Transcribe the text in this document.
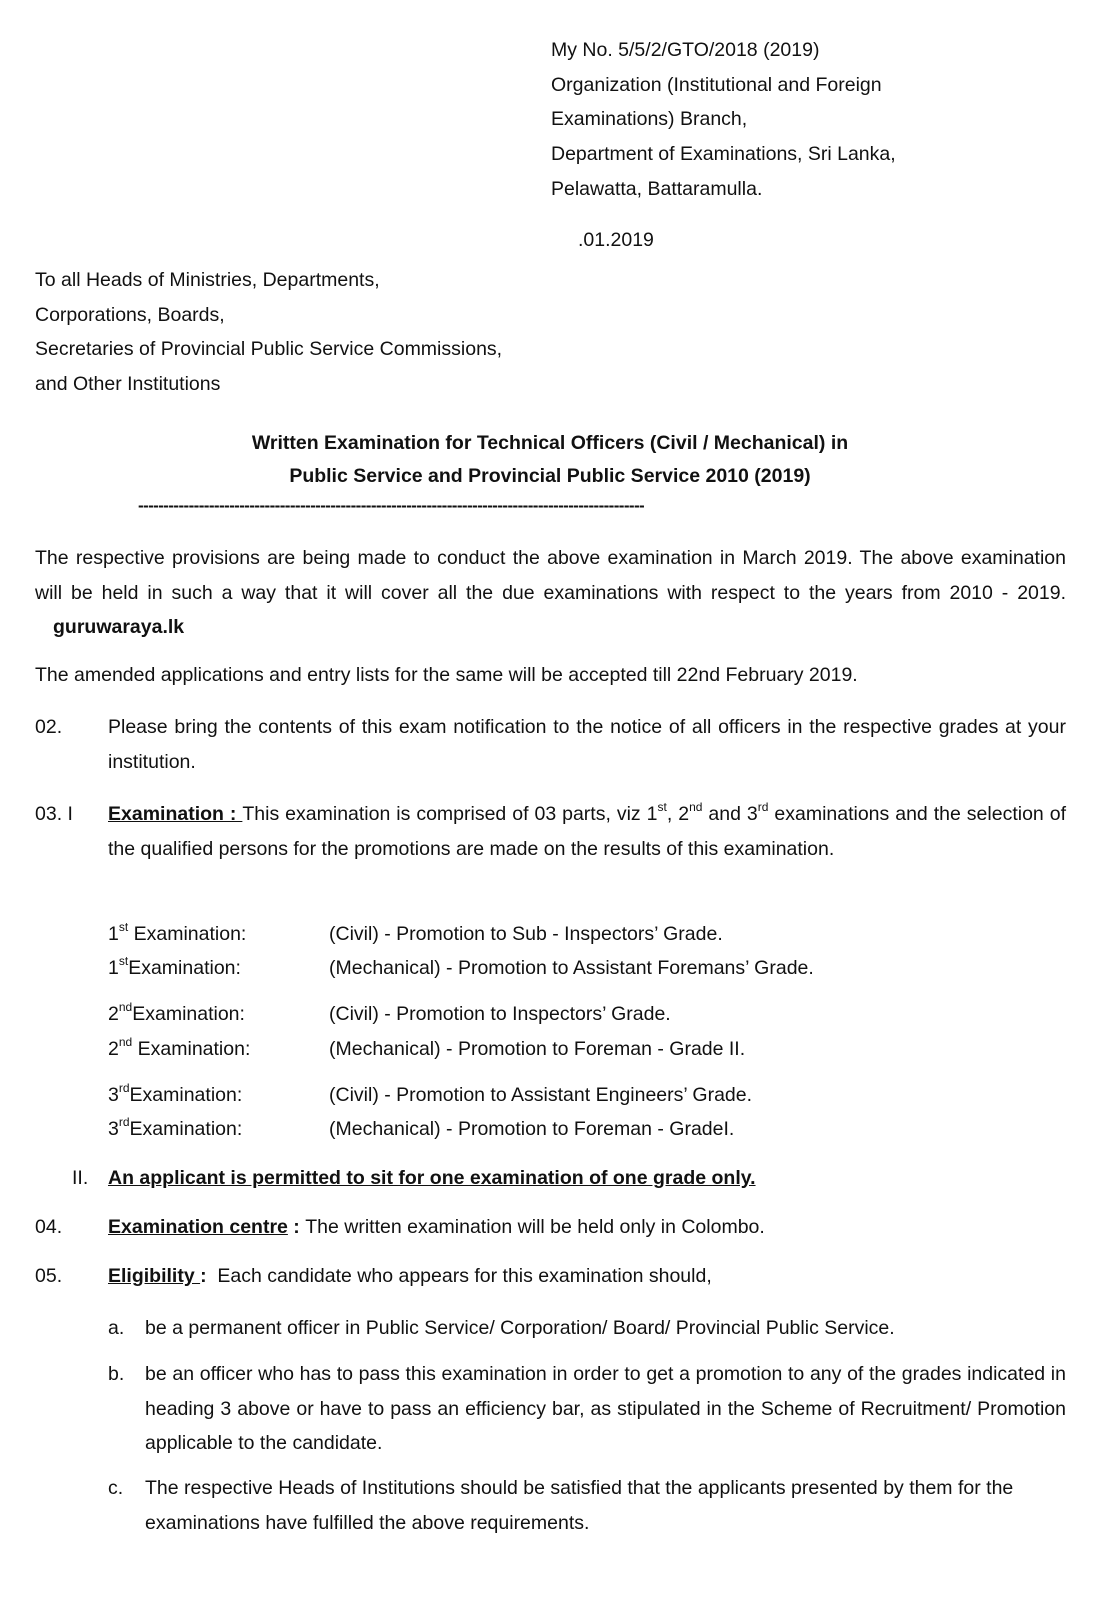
My No. 5/5/2/GTO/2018 (2019)
Organization (Institutional and Foreign
Examinations) Branch,
Department of Examinations, Sri Lanka,
Pelawatta, Battaramulla.
.01.2019
To all Heads of Ministries, Departments,
Corporations, Boards,
Secretaries of Provincial Public Service Commissions,
and Other Institutions
Written Examination for Technical Officers (Civil / Mechanical) in
Public Service and Provincial Public Service 2010 (2019)
----------------------------------------------------------------------------------------------------
The respective provisions are being made to conduct the above examination in March 2019. The above examination will be held in such a way that it will cover all the due examinations with respect to the years from 2010 - 2019. guruwaraya.lk
The amended applications and entry lists for the same will be accepted till 22nd February 2019.
02. Please bring the contents of this exam notification to the notice of all officers in the respective grades at your institution.
03. I Examination : This examination is comprised of 03 parts, viz 1st, 2nd and 3rd examinations and the selection of the qualified persons for the promotions are made on the results of this examination.
1st Examination:	(Civil) - Promotion to Sub - Inspectors’ Grade.
1stExamination:	(Mechanical) - Promotion to Assistant Foremans’ Grade.
2ndExamination:	(Civil) - Promotion to Inspectors’ Grade.
2nd Examination:	(Mechanical) - Promotion to Foreman - Grade II.
3rdExamination:	(Civil) - Promotion to Assistant Engineers’ Grade.
3rdExamination:	(Mechanical) - Promotion to Foreman - GradeI.
II. An applicant is permitted to sit for one examination of one grade only.
04. Examination centre : The written examination will be held only in Colombo.
05. Eligibility :  Each candidate who appears for this examination should,
a. be a permanent officer in Public Service/ Corporation/ Board/ Provincial Public Service.
b. be an officer who has to pass this examination in order to get a promotion to any of the grades indicated in heading 3 above or have to pass an efficiency bar, as stipulated in the Scheme of Recruitment/ Promotion applicable to the candidate.
c. The respective Heads of Institutions should be satisfied that the applicants presented by them for the examinations have fulfilled the above requirements.
